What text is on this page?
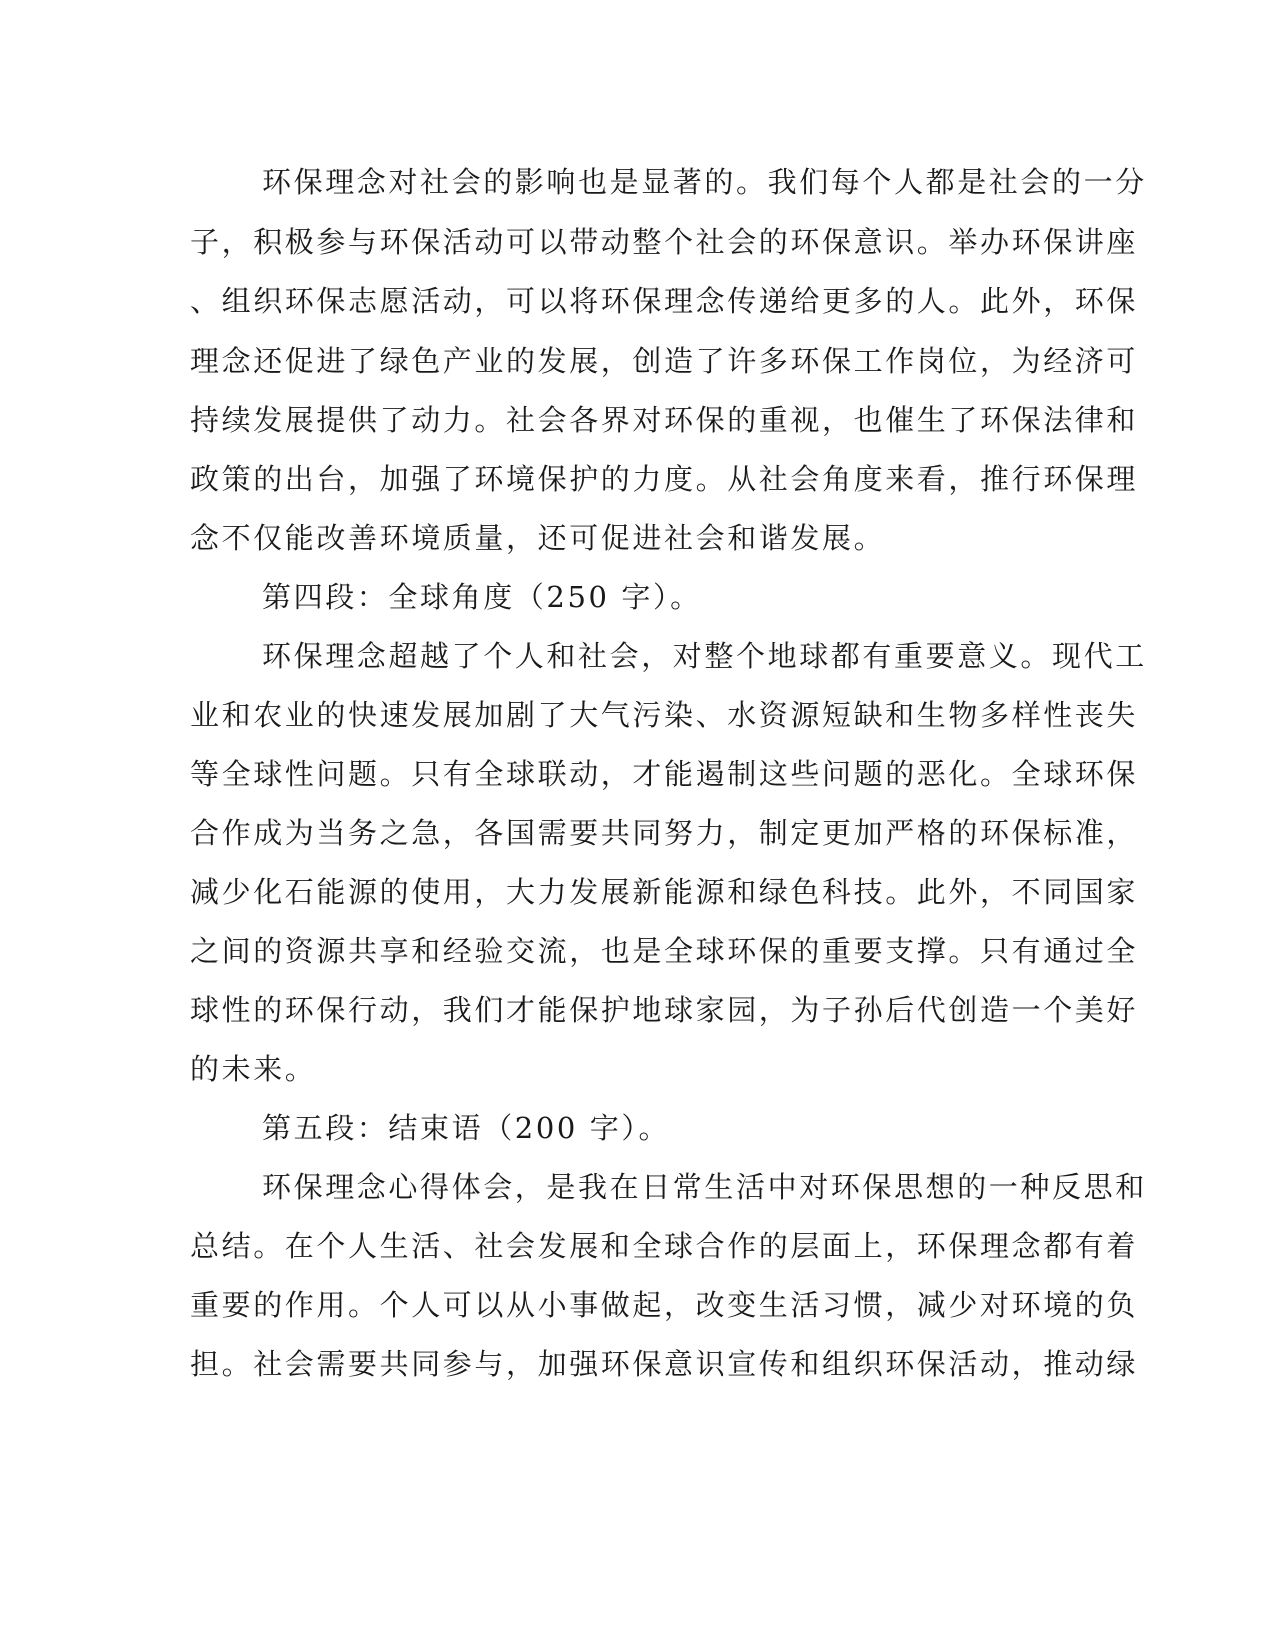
环保理念对社会的影响也是显著的。我们每个人都是社会的一分
子，积极参与环保活动可以带动整个社会的环保意识。举办环保讲座
、组织环保志愿活动，可以将环保理念传递给更多的人。此外，环保
理念还促进了绿色产业的发展，创造了许多环保工作岗位，为经济可
持续发展提供了动力。社会各界对环保的重视，也催生了环保法律和
政策的出台，加强了环境保护的力度。从社会角度来看，推行环保理
念不仅能改善环境质量，还可促进社会和谐发展。
第四段：全球角度（250 字）。
环保理念超越了个人和社会，对整个地球都有重要意义。现代工
业和农业的快速发展加剧了大气污染、水资源短缺和生物多样性丧失
等全球性问题。只有全球联动，才能遏制这些问题的恶化。全球环保
合作成为当务之急，各国需要共同努力，制定更加严格的环保标准，
减少化石能源的使用，大力发展新能源和绿色科技。此外，不同国家
之间的资源共享和经验交流，也是全球环保的重要支撑。只有通过全
球性的环保行动，我们才能保护地球家园，为子孙后代创造一个美好
的未来。
第五段：结束语（200 字）。
环保理念心得体会，是我在日常生活中对环保思想的一种反思和
总结。在个人生活、社会发展和全球合作的层面上，环保理念都有着
重要的作用。个人可以从小事做起，改变生活习惯，减少对环境的负
担。社会需要共同参与，加强环保意识宣传和组织环保活动，推动绿
